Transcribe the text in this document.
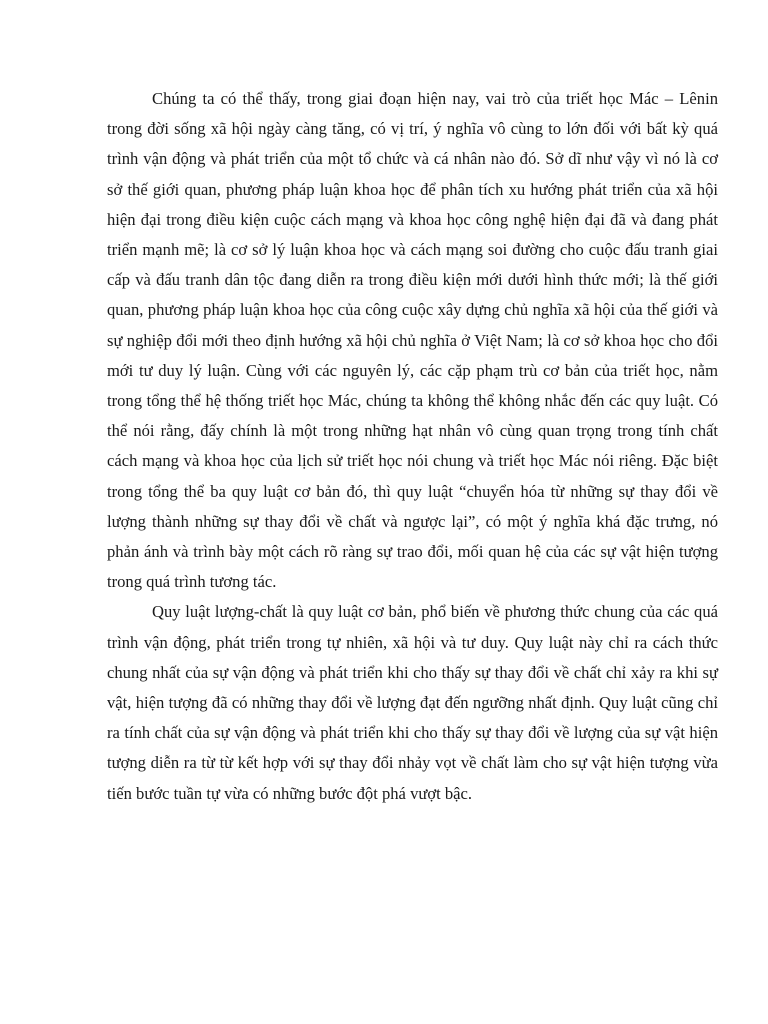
Chúng ta có thể thấy, trong giai đoạn hiện nay, vai trò của triết học Mác – Lênin trong đời sống xã hội ngày càng tăng, có vị trí, ý nghĩa vô cùng to lớn đối với bất kỳ quá trình vận động và phát triển của một tổ chức và cá nhân nào đó. Sở dĩ như vậy vì nó là cơ sở thế giới quan, phương pháp luận khoa học để phân tích xu hướng phát triển của xã hội hiện đại trong điều kiện cuộc cách mạng và khoa học công nghệ hiện đại đã và đang phát triển mạnh mẽ; là cơ sở lý luận khoa học và cách mạng soi đường cho cuộc đấu tranh giai cấp và đấu tranh dân tộc đang diễn ra trong điều kiện mới dưới hình thức mới; là thế giới quan, phương pháp luận khoa học của công cuộc xây dựng chủ nghĩa xã hội của thế giới và sự nghiệp đổi mới theo định hướng xã hội chủ nghĩa ở Việt Nam; là cơ sở khoa học cho đổi mới tư duy lý luận. Cùng với các nguyên lý, các cặp phạm trù cơ bản của triết học, nằm trong tổng thể hệ thống triết học Mác, chúng ta không thể không nhắc đến các quy luật. Có thể nói rằng, đấy chính là một trong những hạt nhân vô cùng quan trọng trong tính chất cách mạng và khoa học của lịch sử triết học nói chung và triết học Mác nói riêng. Đặc biệt trong tổng thể ba quy luật cơ bản đó, thì quy luật “chuyển hóa từ những sự thay đổi về lượng thành những sự thay đổi về chất và ngược lại”, có một ý nghĩa khá đặc trưng, nó phản ánh và trình bày một cách rõ ràng sự trao đổi, mối quan hệ của các sự vật hiện tượng trong quá trình tương tác.

Quy luật lượng-chất là quy luật cơ bản, phổ biến về phương thức chung của các quá trình vận động, phát triển trong tự nhiên, xã hội và tư duy. Quy luật này chỉ ra cách thức chung nhất của sự vận động và phát triển khi cho thấy sự thay đổi về chất chỉ xảy ra khi sự vật, hiện tượng đã có những thay đổi về lượng đạt đến ngưỡng nhất định. Quy luật cũng chỉ ra tính chất của sự vận động và phát triển khi cho thấy sự thay đổi về lượng của sự vật hiện tượng diễn ra từ từ kết hợp với sự thay đổi nhảy vọt về chất làm cho sự vật hiện tượng vừa tiến bước tuần tự vừa có những bước đột phá vượt bậc.
